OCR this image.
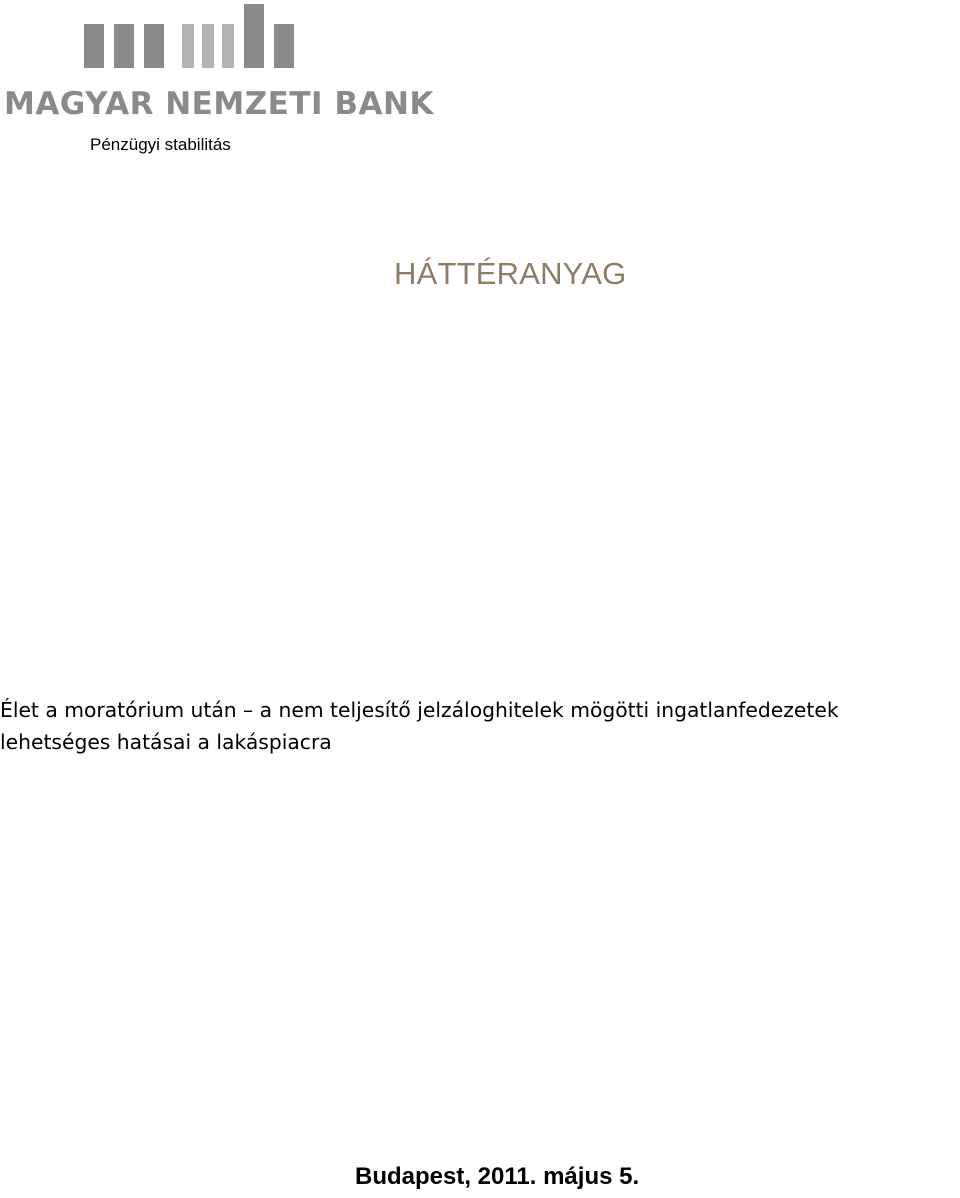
MAGYAR NEMZETI BANK
Pénzügyi stabilitás
HÁTTÉRANYAG
Élet a moratórium után – a nem teljesítő jelzáloghitelek mögötti ingatlanfedezetek
lehetséges hatásai a lakáspiacra
Budapest, 2011. május 5.
